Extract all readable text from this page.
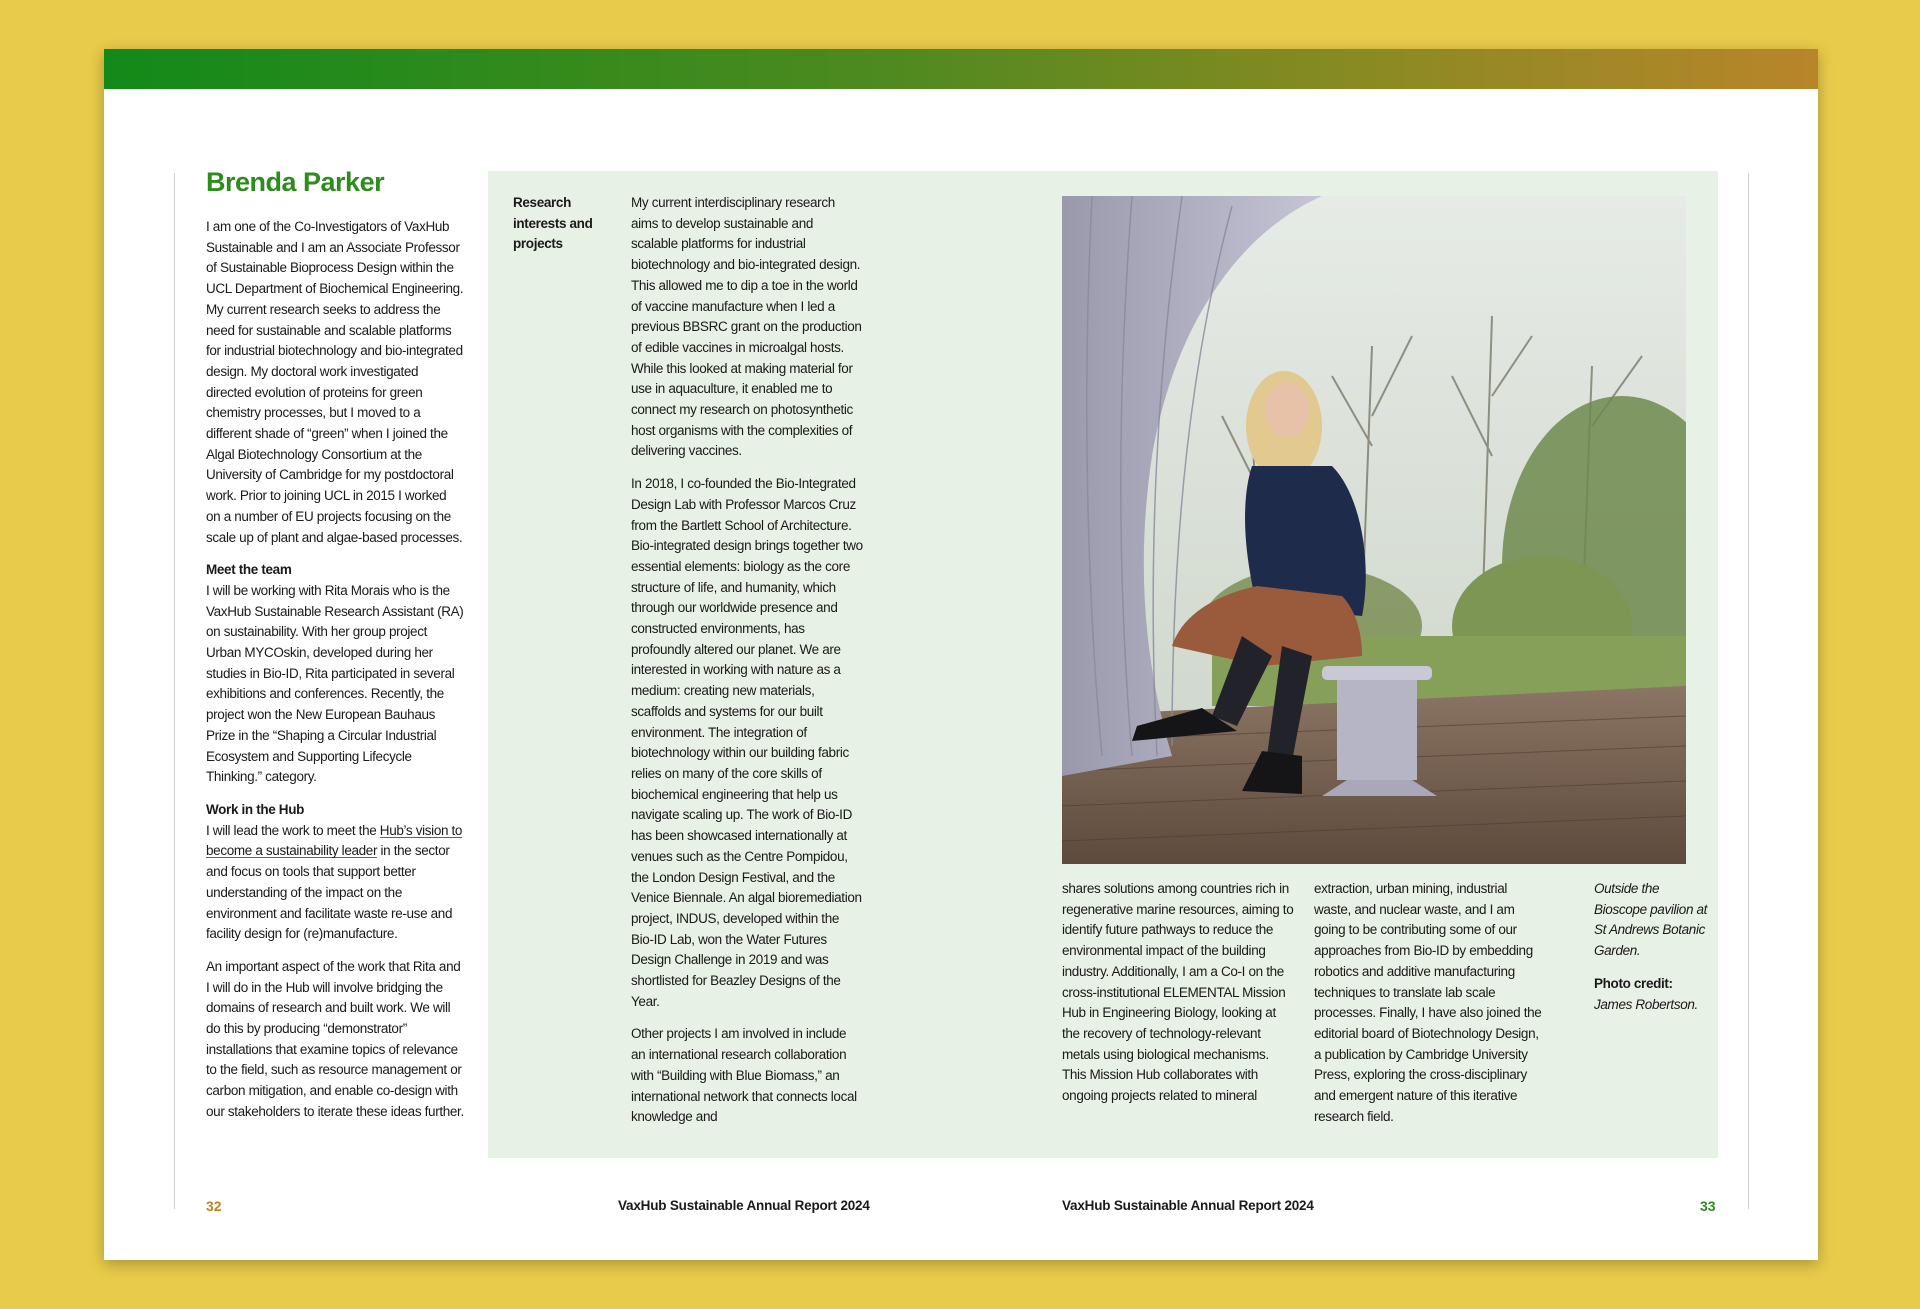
Brenda Parker

I am one of the Co-Investigators of VaxHub Sustainable and I am an Associate Professor of Sustainable Bioprocess Design within the UCL Department of Biochemical Engineering. My current research seeks to address the need for sustainable and scalable platforms for industrial biotechnology and bio-integrated design. My doctoral work investigated directed evolution of proteins for green chemistry processes, but I moved to a different shade of “green” when I joined the Algal Biotechnology Consortium at the University of Cambridge for my postdoctoral work. Prior to joining UCL in 2015 I worked on a number of EU projects focusing on the scale up of plant and algae-based processes.

Meet the team

I will be working with Rita Morais who is the VaxHub Sustainable Research Assistant (RA) on sustainability. With her group project Urban MYCOskin, developed during her studies in Bio-ID, Rita participated in several exhibitions and conferences. Recently, the project won the New European Bauhaus Prize in the “Shaping a Circular Industrial Ecosystem and Supporting Lifecycle Thinking.” category.

Work in the Hub

I will lead the work to meet the Hub’s vision to become a sustainability leader in the sector and focus on tools that support better understanding of the impact on the environment and facilitate waste re-use and facility design for (re)manufacture.

An important aspect of the work that Rita and I will do in the Hub will involve bridging the domains of research and built work. We will do this by producing “demonstrator” installations that examine topics of relevance to the field, such as resource management or carbon mitigation, and enable co-design with our stakeholders to iterate these ideas further.

Research interests and projects

My current interdisciplinary research aims to develop sustainable and scalable platforms for industrial biotechnology and bio-integrated design. This allowed me to dip a toe in the world of vaccine manufacture when I led a previous BBSRC grant on the production of edible vaccines in microalgal hosts. While this looked at making material for use in aquaculture, it enabled me to connect my research on photosynthetic host organisms with the complexities of delivering vaccines.

In 2018, I co-founded the Bio-Integrated Design Lab with Professor Marcos Cruz from the Bartlett School of Architecture. Bio-integrated design brings together two essential elements: biology as the core structure of life, and humanity, which through our worldwide presence and constructed environments, has profoundly altered our planet. We are interested in working with nature as a medium: creating new materials, scaffolds and systems for our built environment. The integration of biotechnology within our building fabric relies on many of the core skills of biochemical engineering that help us navigate scaling up. The work of Bio-ID has been showcased internationally at venues such as the Centre Pompidou, the London Design Festival, and the Venice Biennale. An algal bioremediation project, INDUS, developed within the Bio-ID Lab, won the Water Futures Design Challenge in 2019 and was shortlisted for Beazley Designs of the Year.

Other projects I am involved in include an international research collaboration with “Building with Blue Biomass,” an international network that connects local knowledge and

shares solutions among countries rich in regenerative marine resources, aiming to identify future pathways to reduce the environmental impact of the building industry. Additionally, I am a Co-I on the cross-institutional ELEMENTAL Mission Hub in Engineering Biology, looking at the recovery of technology-relevant metals using biological mechanisms. This Mission Hub collaborates with ongoing projects related to mineral

extraction, urban mining, industrial waste, and nuclear waste, and I am going to be contributing some of our approaches from Bio-ID by embedding robotics and additive manufacturing techniques to translate lab scale processes. Finally, I have also joined the editorial board of Biotechnology Design, a publication by Cambridge University Press, exploring the cross-disciplinary and emergent nature of this iterative research field.

Outside the Bioscope pavilion at St Andrews Botanic Garden.

Photo credit: James Robertson.

32	VaxHub Sustainable Annual Report 2024	VaxHub Sustainable Annual Report 2024	33
